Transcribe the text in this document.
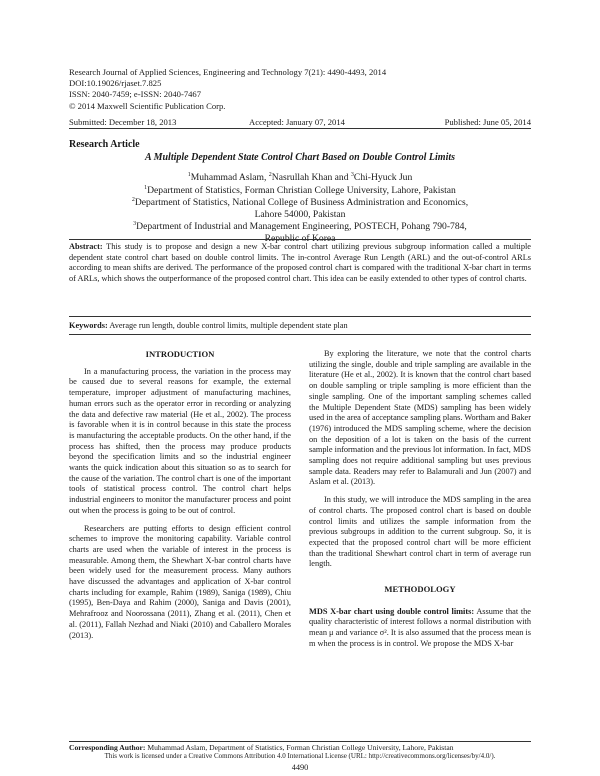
Research Journal of Applied Sciences, Engineering and Technology 7(21): 4490-4493, 2014
DOI:10.19026/rjaset.7.825
ISSN: 2040-7459; e-ISSN: 2040-7467
© 2014 Maxwell Scientific Publication Corp.
Submitted: December 18, 2013	Accepted: January 07, 2014	Published: June 05, 2014
Research Article
A Multiple Dependent State Control Chart Based on Double Control Limits
$^1$Muhammad Aslam, $^2$Nasrullah Khan and $^3$Chi-Hyuck Jun
$^1$Department of Statistics, Forman Christian College University, Lahore, Pakistan
$^2$Department of Statistics, National College of Business Administration and Economics,
Lahore 54000, Pakistan
$^3$Department of Industrial and Management Engineering, POSTECH, Pohang 790-784,
Republic of Korea
Abstract: This study is to propose and design a new X-bar control chart utilizing previous subgroup information called a multiple dependent state control chart based on double control limits. The in-control Average Run Length (ARL) and the out-of-control ARLs according to mean shifts are derived. The performance of the proposed control chart is compared with the traditional X-bar chart in terms of ARLs, which shows the outperformance of the proposed control chart. This idea can be easily extended to other types of control charts.
Keywords: Average run length, double control limits, multiple dependent state plan
INTRODUCTION

In a manufacturing process, the variation in the process may be caused due to several reasons for example, the external temperature, improper adjustment of manufacturing machines, human errors such as the operator error in recording or analyzing the data and defective raw material (He et al., 2002). The process is favorable when it is in control because in this state the process is manufacturing the acceptable products. On the other hand, if the process has shifted, then the process may produce products beyond the specification limits and so the industrial engineer wants the quick indication about this situation so as to search for the cause of the variation. The control chart is one of the important tools of statistical process control. The control chart helps industrial engineers to monitor the manufacturer process and point out when the process is going to be out of control.

Researchers are putting efforts to design efficient control schemes to improve the monitoring capability. Variable control charts are used when the variable of interest in the process is measurable. Among them, the Shewhart X-bar control charts have been widely used for the measurement process. Many authors have discussed the advantages and application of X-bar control charts including for example, Rahim (1989), Saniga (1989), Chiu (1995), Ben-Daya and Rahim (2000), Saniga and Davis (2001), Mehrafrooz and Noorossana (2011), Zhang et al. (2011), Chen et al. (2011), Fallah Nezhad and Niaki (2010) and Caballero Morales (2013).

By exploring the literature, we note that the control charts utilizing the single, double and triple sampling are available in the literature (He et al., 2002). It is known that the control chart based on double sampling or triple sampling is more efficient than the single sampling. One of the important sampling schemes called the Multiple Dependent State (MDS) sampling has been widely used in the area of acceptance sampling plans. Wortham and Baker (1976) introduced the MDS sampling scheme, where the decision on the deposition of a lot is taken on the basis of the current sample information and the previous lot information. In fact, MDS sampling does not require additional sampling but uses previous sample data. Readers may refer to Balamurali and Jun (2007) and Aslam et al. (2013).

In this study, we will introduce the MDS sampling in the area of control charts. The proposed control chart is based on double control limits and utilizes the sample information from the previous subgroups in addition to the current subgroup. So, it is expected that the proposed control chart will be more efficient than the traditional Shewhart control chart in term of average run length.

METHODOLOGY
MDS X-bar chart using double control limits: Assume that the quality characteristic of interest follows a normal distribution with mean μ and variance σ². It is also assumed that the process mean is m when the process is in control. We propose the MDS X-bar
Corresponding Author: Muhammad Aslam, Department of Statistics, Forman Christian College University, Lahore, Pakistan
This work is licensed under a Creative Commons Attribution 4.0 International License (URL: http://creativecommons.org/licenses/by/4.0/).
4490
